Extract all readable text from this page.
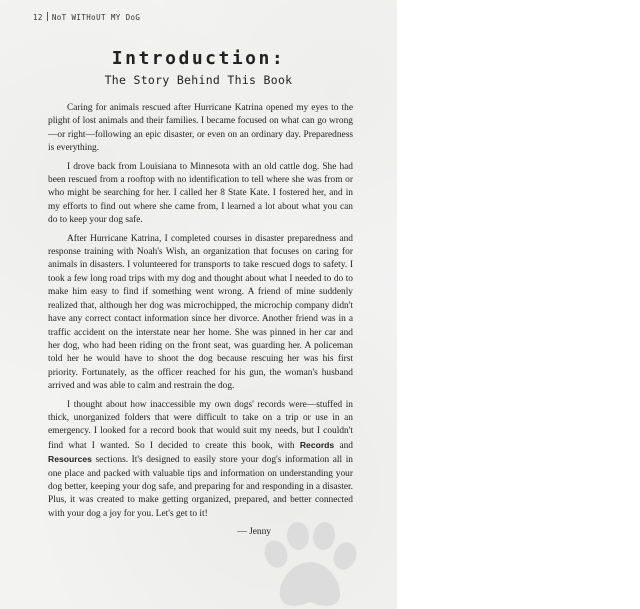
12 NoT WITHoUT MY DoG
Introduction:
The Story Behind This Book

Caring for animals rescued after Hurricane Katrina opened my eyes to the plight of lost animals and their families. I became focused on what can go wrong—or right—following an epic disaster, or even on an ordinary day. Preparedness is everything.

I drove back from Louisiana to Minnesota with an old cattle dog. She had been rescued from a rooftop with no identification to tell where she was from or who might be searching for her. I called her 8 State Kate. I fostered her, and in my efforts to find out where she came from, I learned a lot about what you can do to keep your dog safe.

After Hurricane Katrina, I completed courses in disaster preparedness and response training with Noah's Wish, an organization that focuses on caring for animals in disasters. I volunteered for transports to take rescued dogs to safety. I took a few long road trips with my dog and thought about what I needed to do to make him easy to find if something went wrong. A friend of mine suddenly realized that, although her dog was microchipped, the microchip company didn't have any correct contact information since her divorce. Another friend was in a traffic accident on the interstate near her home. She was pinned in her car and her dog, who had been riding on the front seat, was guarding her. A policeman told her he would have to shoot the dog because rescuing her was his first priority. Fortunately, as the officer reached for his gun, the woman's husband arrived and was able to calm and restrain the dog.

I thought about how inaccessible my own dogs' records were—stuffed in thick, unorganized folders that were difficult to take on a trip or use in an emergency. I looked for a record book that would suit my needs, but I couldn't find what I wanted. So I decided to create this book, with Records and Resources sections. It's designed to easily store your dog's information all in one place and packed with valuable tips and information on understanding your dog better, keeping your dog safe, and preparing for and responding in a disaster. Plus, it was created to make getting organized, prepared, and better connected with your dog a joy for you. Let's get to it!

— Jenny
